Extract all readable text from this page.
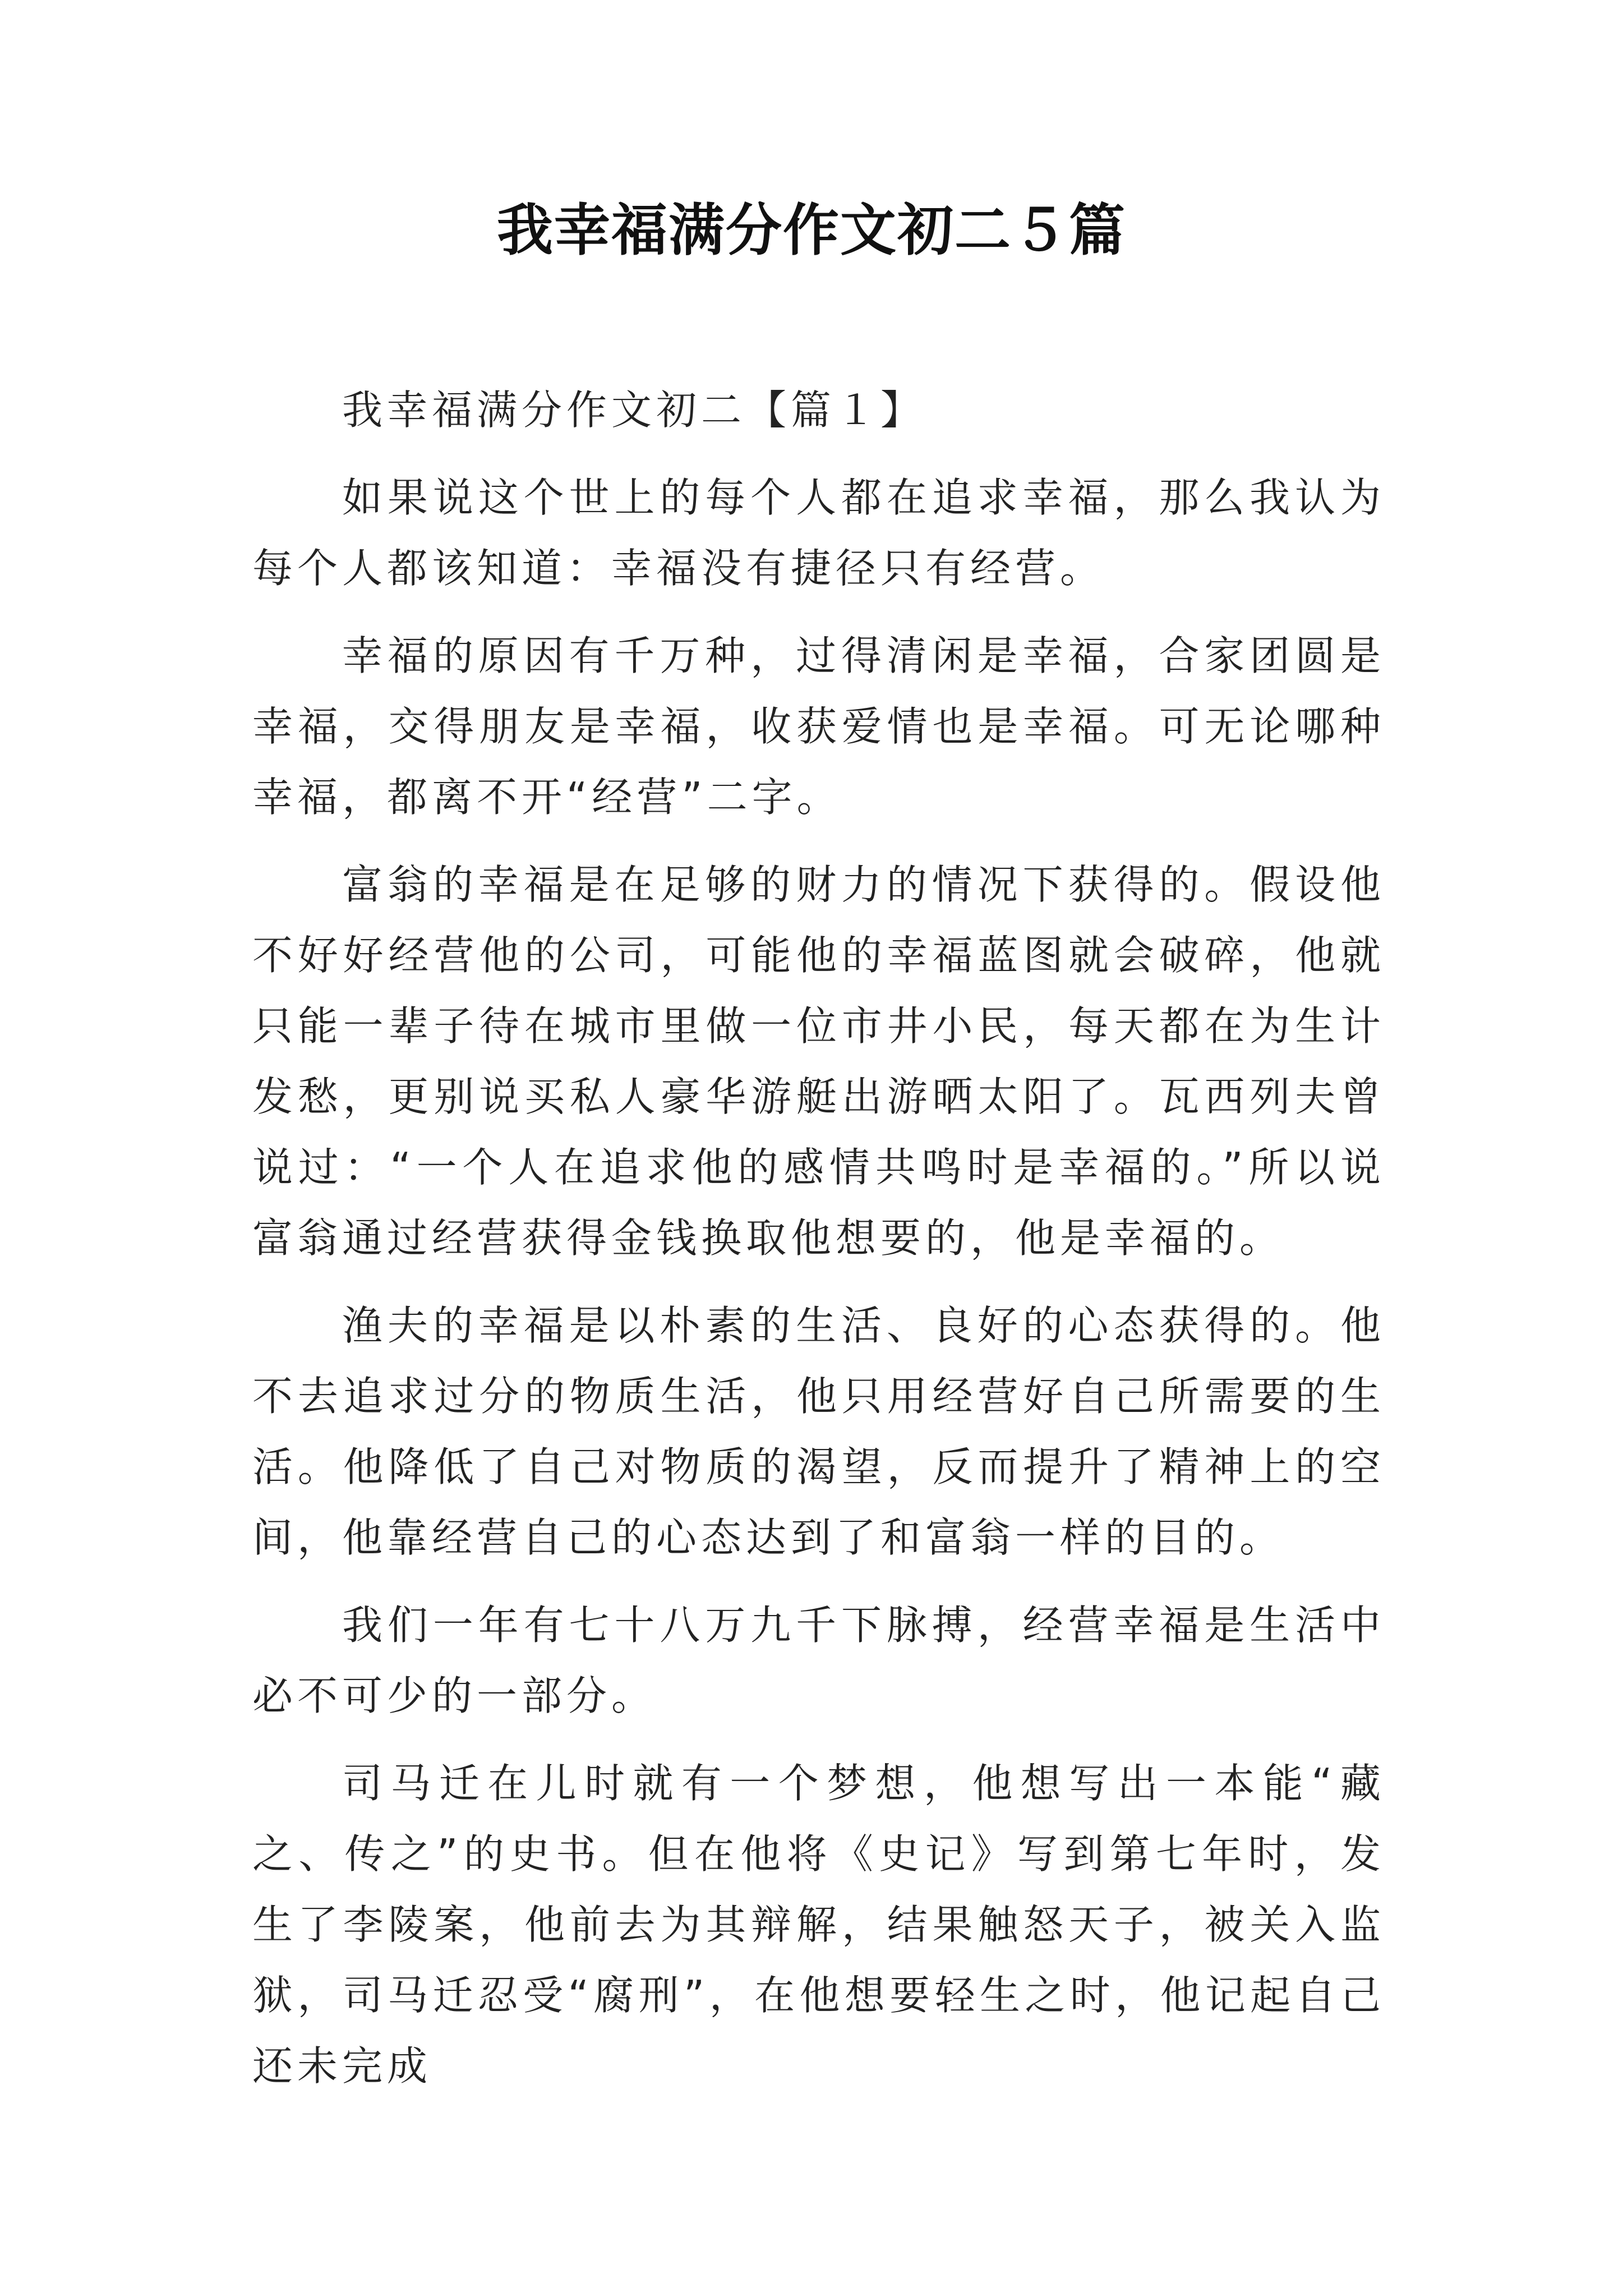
我幸福满分作文初二５篇

我幸福满分作文初二【篇１】

如果说这个世上的每个人都在追求幸福，那么我认为每个人都该知道：幸福没有捷径只有经营。

幸福的原因有千万种，过得清闲是幸福，合家团圆是幸福，交得朋友是幸福，收获爱情也是幸福。可无论哪种幸福，都离不开“经营”二字。

富翁的幸福是在足够的财力的情况下获得的。假设他不好好经营他的公司，可能他的幸福蓝图就会破碎，他就只能一辈子待在城市里做一位市井小民，每天都在为生计发愁，更别说买私人豪华游艇出游晒太阳了。瓦西列夫曾说过：“一个人在追求他的感情共鸣时是幸福的。”所以说富翁通过经营获得金钱换取他想要的，他是幸福的。

渔夫的幸福是以朴素的生活、良好的心态获得的。他不去追求过分的物质生活，他只用经营好自己所需要的生活。他降低了自己对物质的渴望，反而提升了精神上的空间，他靠经营自己的心态达到了和富翁一样的目的。

我们一年有七十八万九千下脉搏，经营幸福是生活中必不可少的一部分。

司马迁在儿时就有一个梦想，他想写出一本能“藏之、传之”的史书。但在他将《史记》写到第七年时，发生了李陵案，他前去为其辩解，结果触怒天子，被关入监狱，司马迁忍受“腐刑”，在他想要轻生之时，他记起自己还未完成
